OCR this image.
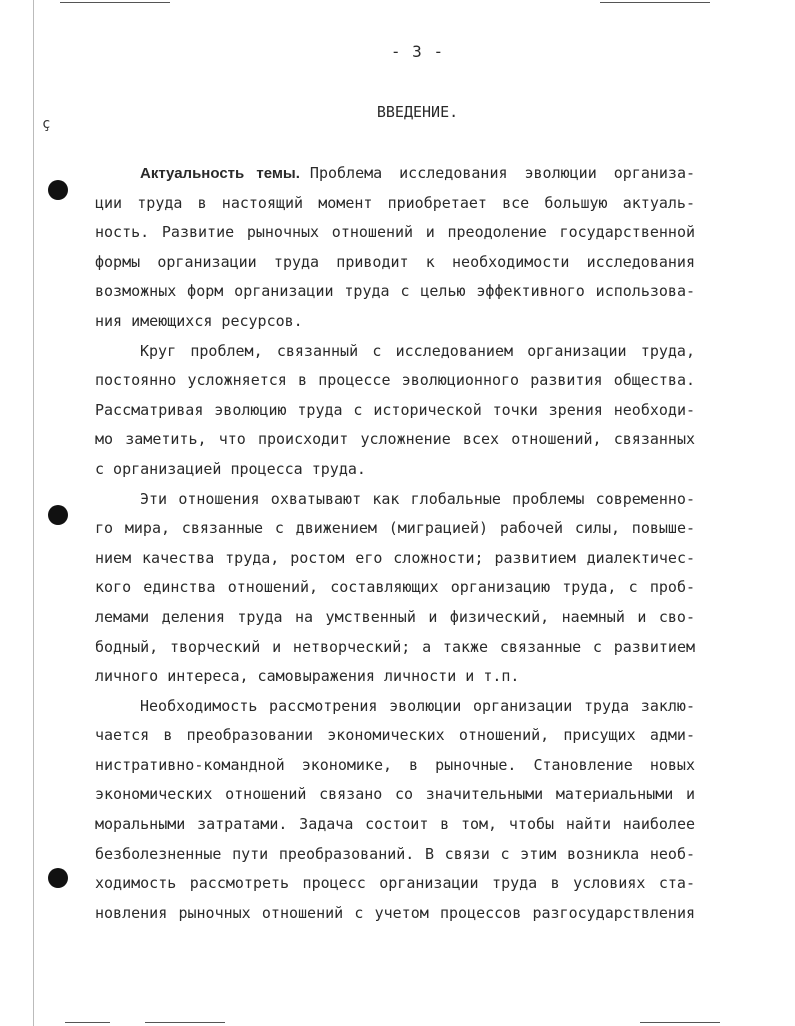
ç
- 3 -
ВВЕДЕНИЕ.
Актуальность темы. Проблема исследования эволюции организа-
ции труда в настоящий момент приобретает все большую актуаль-
ность. Развитие рыночных отношений и преодоление государственной
формы организации труда приводит к необходимости исследования
возможных форм организации труда с целью эффективного использова-
ния имеющихся ресурсов.
Круг проблем, связанный с исследованием организации труда,
постоянно усложняется в процессе эволюционного развития общества.
Рассматривая эволюцию труда с исторической точки зрения необходи-
мо заметить, что происходит усложнение всех отношений, связанных
с организацией процесса труда.
Эти отношения охватывают как глобальные проблемы современно-
го мира, связанные с движением (миграцией) рабочей силы, повыше-
нием качества труда, ростом его сложности; развитием диалектичес-
кого единства отношений, составляющих организацию труда, с проб-
лемами деления труда на умственный и физический, наемный и сво-
бодный, творческий и нетворческий; а также связанные с развитием
личного интереса, самовыражения личности и т.п.
Необходимость рассмотрения эволюции организации труда заклю-
чается в преобразовании экономических отношений, присущих адми-
нистративно-командной экономике, в рыночные. Становление новых
экономических отношений связано со значительными материальными и
моральными затратами. Задача состоит в том, чтобы найти наиболее
безболезненные пути преобразований. В связи с этим возникла необ-
ходимость рассмотреть процесс организации труда в условиях ста-
новления рыночных отношений с учетом процессов разгосударствления
